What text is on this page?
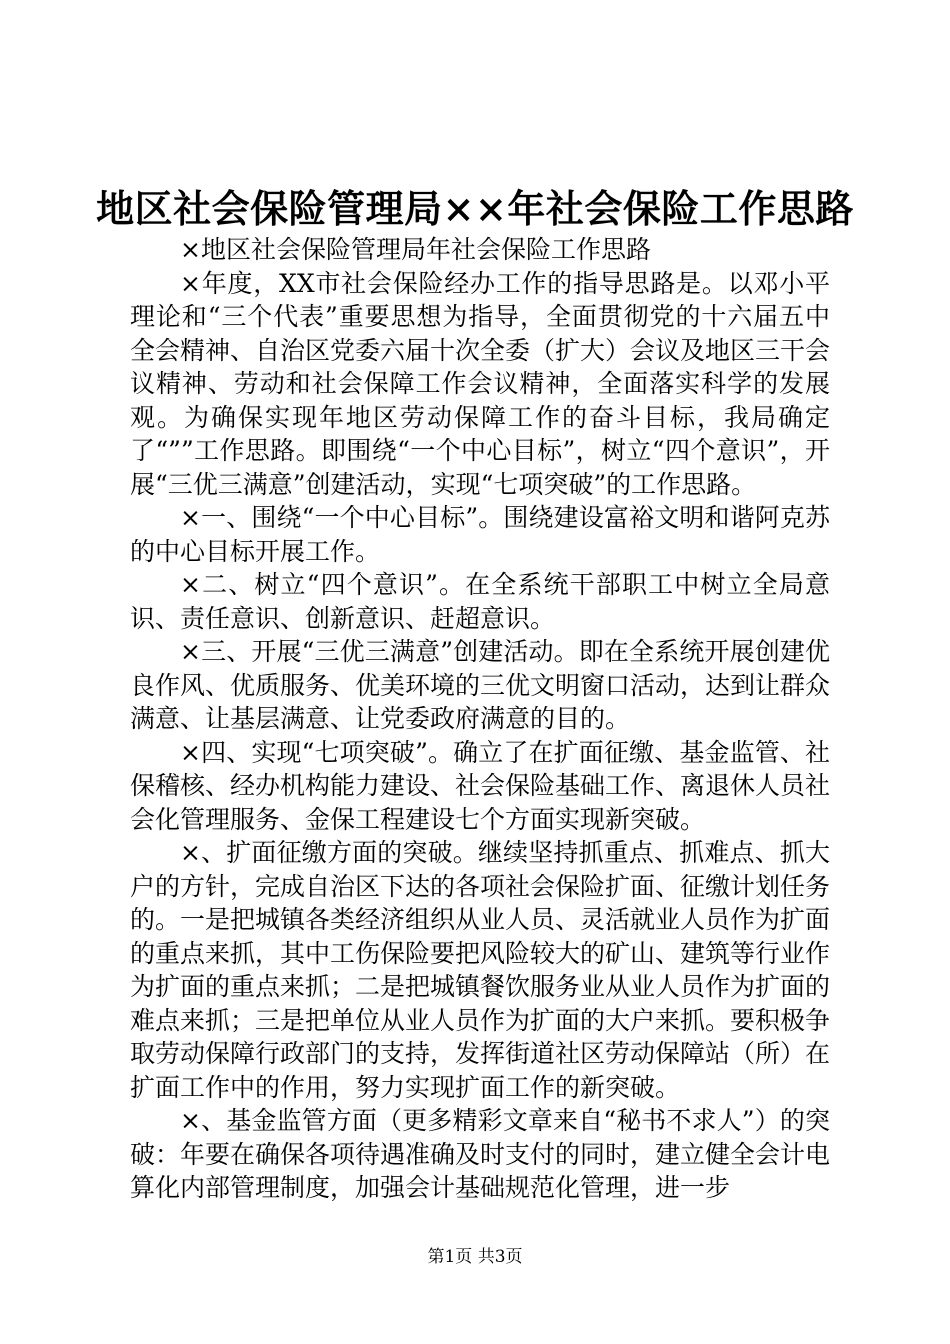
地区社会保险管理局××年社会保险工作思路

×地区社会保险管理局年社会保险工作思路

×年度，XX市社会保险经办工作的指导思路是。以邓小平理论和“三个代表”重要思想为指导，全面贯彻党的十六届五中全会精神、自治区党委六届十次全委（扩大）会议及地区三干会议精神、劳动和社会保障工作会议精神，全面落实科学的发展观。为确保实现年地区劳动保障工作的奋斗目标，我局确定了“””工作思路。即围绕“一个中心目标”，树立“四个意识”，开展“三优三满意”创建活动，实现“七项突破”的工作思路。

×一、围绕“一个中心目标”。围绕建设富裕文明和谐阿克苏的中心目标开展工作。

×二、树立“四个意识”。在全系统干部职工中树立全局意识、责任意识、创新意识、赶超意识。

×三、开展“三优三满意”创建活动。即在全系统开展创建优良作风、优质服务、优美环境的三优文明窗口活动，达到让群众满意、让基层满意、让党委政府满意的目的。

×四、实现“七项突破”。确立了在扩面征缴、基金监管、社保稽核、经办机构能力建设、社会保险基础工作、离退休人员社会化管理服务、金保工程建设七个方面实现新突破。

×、扩面征缴方面的突破。继续坚持抓重点、抓难点、抓大户的方针，完成自治区下达的各项社会保险扩面、征缴计划任务的。一是把城镇各类经济组织从业人员、灵活就业人员作为扩面的重点来抓，其中工伤保险要把风险较大的矿山、建筑等行业作为扩面的重点来抓；二是把城镇餐饮服务业从业人员作为扩面的难点来抓；三是把单位从业人员作为扩面的大户来抓。要积极争取劳动保障行政部门的支持，发挥街道社区劳动保障站（所）在扩面工作中的作用，努力实现扩面工作的新突破。

×、基金监管方面（更多精彩文章来自“秘书不求人”）的突破：年要在确保各项待遇准确及时支付的同时，建立健全会计电算化内部管理制度，加强会计基础规范化管理，进一步

第1页 共3页
